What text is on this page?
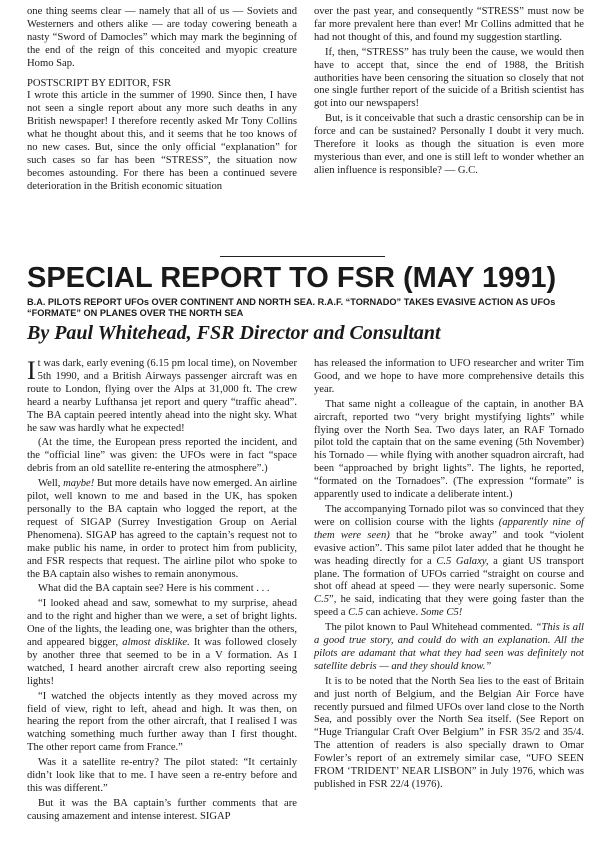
one thing seems clear — namely that all of us — Soviets and Westerners and others alike — are today cowering beneath a nasty “Sword of Damocles” which may mark the beginning of the end of the reign of this conceited and myopic creature Homo Sap.

POSTSCRIPT BY EDITOR, FSR

I wrote this article in the summer of 1990. Since then, I have not seen a single report about any more such deaths in any British newspaper! I therefore recently asked Mr Tony Collins what he thought about this, and it seems that he too knows of no new cases. But, since the only official “explanation” for such cases so far has been “STRESS”, the situation now becomes astounding. For there has been a continued severe deterioration in the British economic situation

over the past year, and consequently “STRESS” must now be far more prevalent here than ever! Mr Collins admitted that he had not thought of this, and found my suggestion startling.

If, then, “STRESS” has truly been the cause, we would then have to accept that, since the end of 1988, the British authorities have been censoring the situation so closely that not one single further report of the suicide of a British scientist has got into our newspapers!

But, is it conceivable that such a drastic censorship can be in force and can be sustained? Personally I doubt it very much. Therefore it looks as though the situation is even more mysterious than ever, and one is still left to wonder whether an alien influence is responsible? — G.C.

SPECIAL REPORT TO FSR (MAY 1991)
B.A. PILOTS REPORT UFOs OVER CONTINENT AND NORTH SEA. R.A.F. “TORNADO” TAKES EVASIVE ACTION AS UFOs “FORMATE” ON PLANES OVER THE NORTH SEA
By Paul Whitehead, FSR Director and Consultant

It was dark, early evening (6.15 pm local time), on November 5th 1990, and a British Airways passenger aircraft was en route to London, flying over the Alps at 31,000 ft. The crew heard a nearby Lufthansa jet report and query “traffic ahead”. The BA captain peered intently ahead into the night sky. What he saw was hardly what he expected!

(At the time, the European press reported the incident, and the “official line” was given: the UFOs were in fact “space debris from an old satellite re-entering the atmosphere”.)

Well, maybe! But more details have now emerged. An airline pilot, well known to me and based in the UK, has spoken personally to the BA captain who logged the report, at the request of SIGAP (Surrey Investigation Group on Aerial Phenomena). SIGAP has agreed to the captain’s request not to make public his name, in order to protect him from publicity, and FSR respects that request. The airline pilot who spoke to the BA captain also wishes to remain anonymous.

What did the BA captain see? Here is his comment . . .

“I looked ahead and saw, somewhat to my surprise, ahead and to the right and higher than we were, a set of bright lights. One of the lights, the leading one, was brighter than the others, and appeared bigger, almost disklike. It was followed closely by another three that seemed to be in a V formation. As I watched, I heard another aircraft crew also reporting seeing lights!

“I watched the objects intently as they moved across my field of view, right to left, ahead and high. It was then, on hearing the report from the other aircraft, that I realised I was watching something much further away than I first thought. The other report came from France.”

Was it a satellite re-entry? The pilot stated: “It certainly didn’t look like that to me. I have seen a re-entry before and this was different.”

But it was the BA captain’s further comments that are causing amazement and intense interest. SIGAP

has released the information to UFO researcher and writer Tim Good, and we hope to have more comprehensive details this year.

That same night a colleague of the captain, in another BA aircraft, reported two “very bright mystifying lights” while flying over the North Sea. Two days later, an RAF Tornado pilot told the captain that on the same evening (5th November) his Tornado — while flying with another squadron aircraft, had been “approached by bright lights”. The lights, he reported, “formated on the Tornadoes”. (The expression “formate” is apparently used to indicate a deliberate intent.)

The accompanying Tornado pilot was so convinced that they were on collision course with the lights (apparently nine of them were seen) that he “broke away” and took “violent evasive action”. This same pilot later added that he thought he was heading directly for a C.5 Galaxy, a giant US transport plane. The formation of UFOs carried “straight on course and shot off ahead at speed — they were nearly supersonic. Some C.5”, he said, indicating that they were going faster than the speed a C.5 can achieve. Some C5!

The pilot known to Paul Whitehead commented. “This is all a good true story, and could do with an explanation. All the pilots are adamant that what they had seen was definitely not satellite debris — and they should know.”

It is to be noted that the North Sea lies to the east of Britain and just north of Belgium, and the Belgian Air Force have recently pursued and filmed UFOs over land close to the North Sea, and possibly over the North Sea itself. (See Report on “Huge Triangular Craft Over Belgium” in FSR 35/2 and 35/4. The attention of readers is also specially drawn to Omar Fowler’s report of an extremely similar case, “UFO SEEN FROM ‘TRIDENT’ NEAR LISBON” in July 1976, which was published in FSR 22/4 (1976).
